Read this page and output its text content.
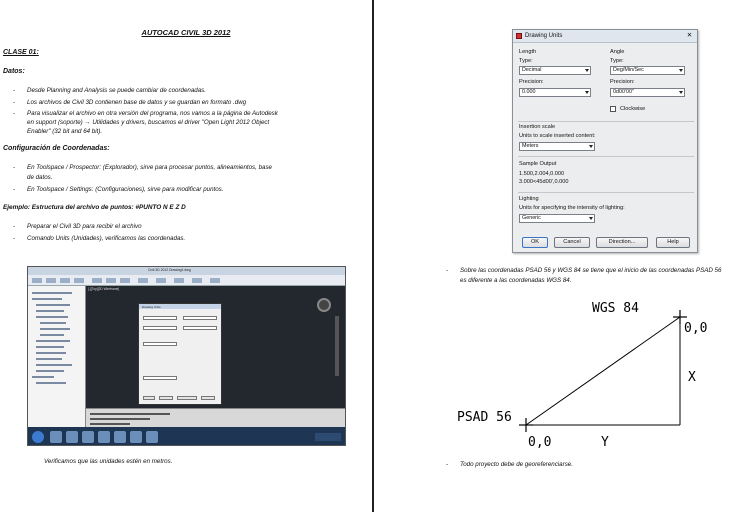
AUTOCAD CIVIL 3D 2012
CLASE 01:
Datos:
- Desde Planning and Analysis se puede cambiar de coordenadas.
- Los archivos de Civil 3D contienen base de datos y se guardan en formato .dwg
- Para visualizar el archivo en otra versión del programa, nos vamos a la página de Autodesk
en support (soporte) → Utilidades y drivers, buscamos el driver "Open Light 2012 Object
Enabler" (32 bit and 64 bit).
Configuración de Coordenadas:
- En Toolspace / Prospector: (Explorador), sirve para procesar puntos, alineamientos, base
de datos.
- En Toolspace / Settings: (Configuraciones), sirve para modificar puntos.
Ejemplo: Estructura del archivo de puntos: #PUNTO N E Z D
- Preparar el Civil 3D para recibir el archivo
- Comando Units (Unidades), verificamos las coordenadas.
Civil 3D 2012 Drawing1.dwg
[-][Top][2D Wireframe]
Drawing Units
Verificamos que las unidades estén en metros.
Drawing Units	✕
Length
Type:
Decimal
Precision:
0.000
Angle
Type:
Deg/Min/Sec
Precision:
0d00'00"
Clockwise
Insertion scale
Units to scale inserted content:
Meters
Sample Output
1.500,2.004,0.000
3.000<45d00',0.000
Lighting
Units for specifying the intensity of lighting:
Generic
OK	Cancel	Direction...	Help
- Sobre las coordenadas PSAD 56 y WGS 84 se tiene que el inicio de las coordenadas PSAD 56
es diferente a las coordenadas WGS 84.
WGS 84
0,0
PSAD 56
0,0
X
Y
- Todo proyecto debe de georeferenciarse.
